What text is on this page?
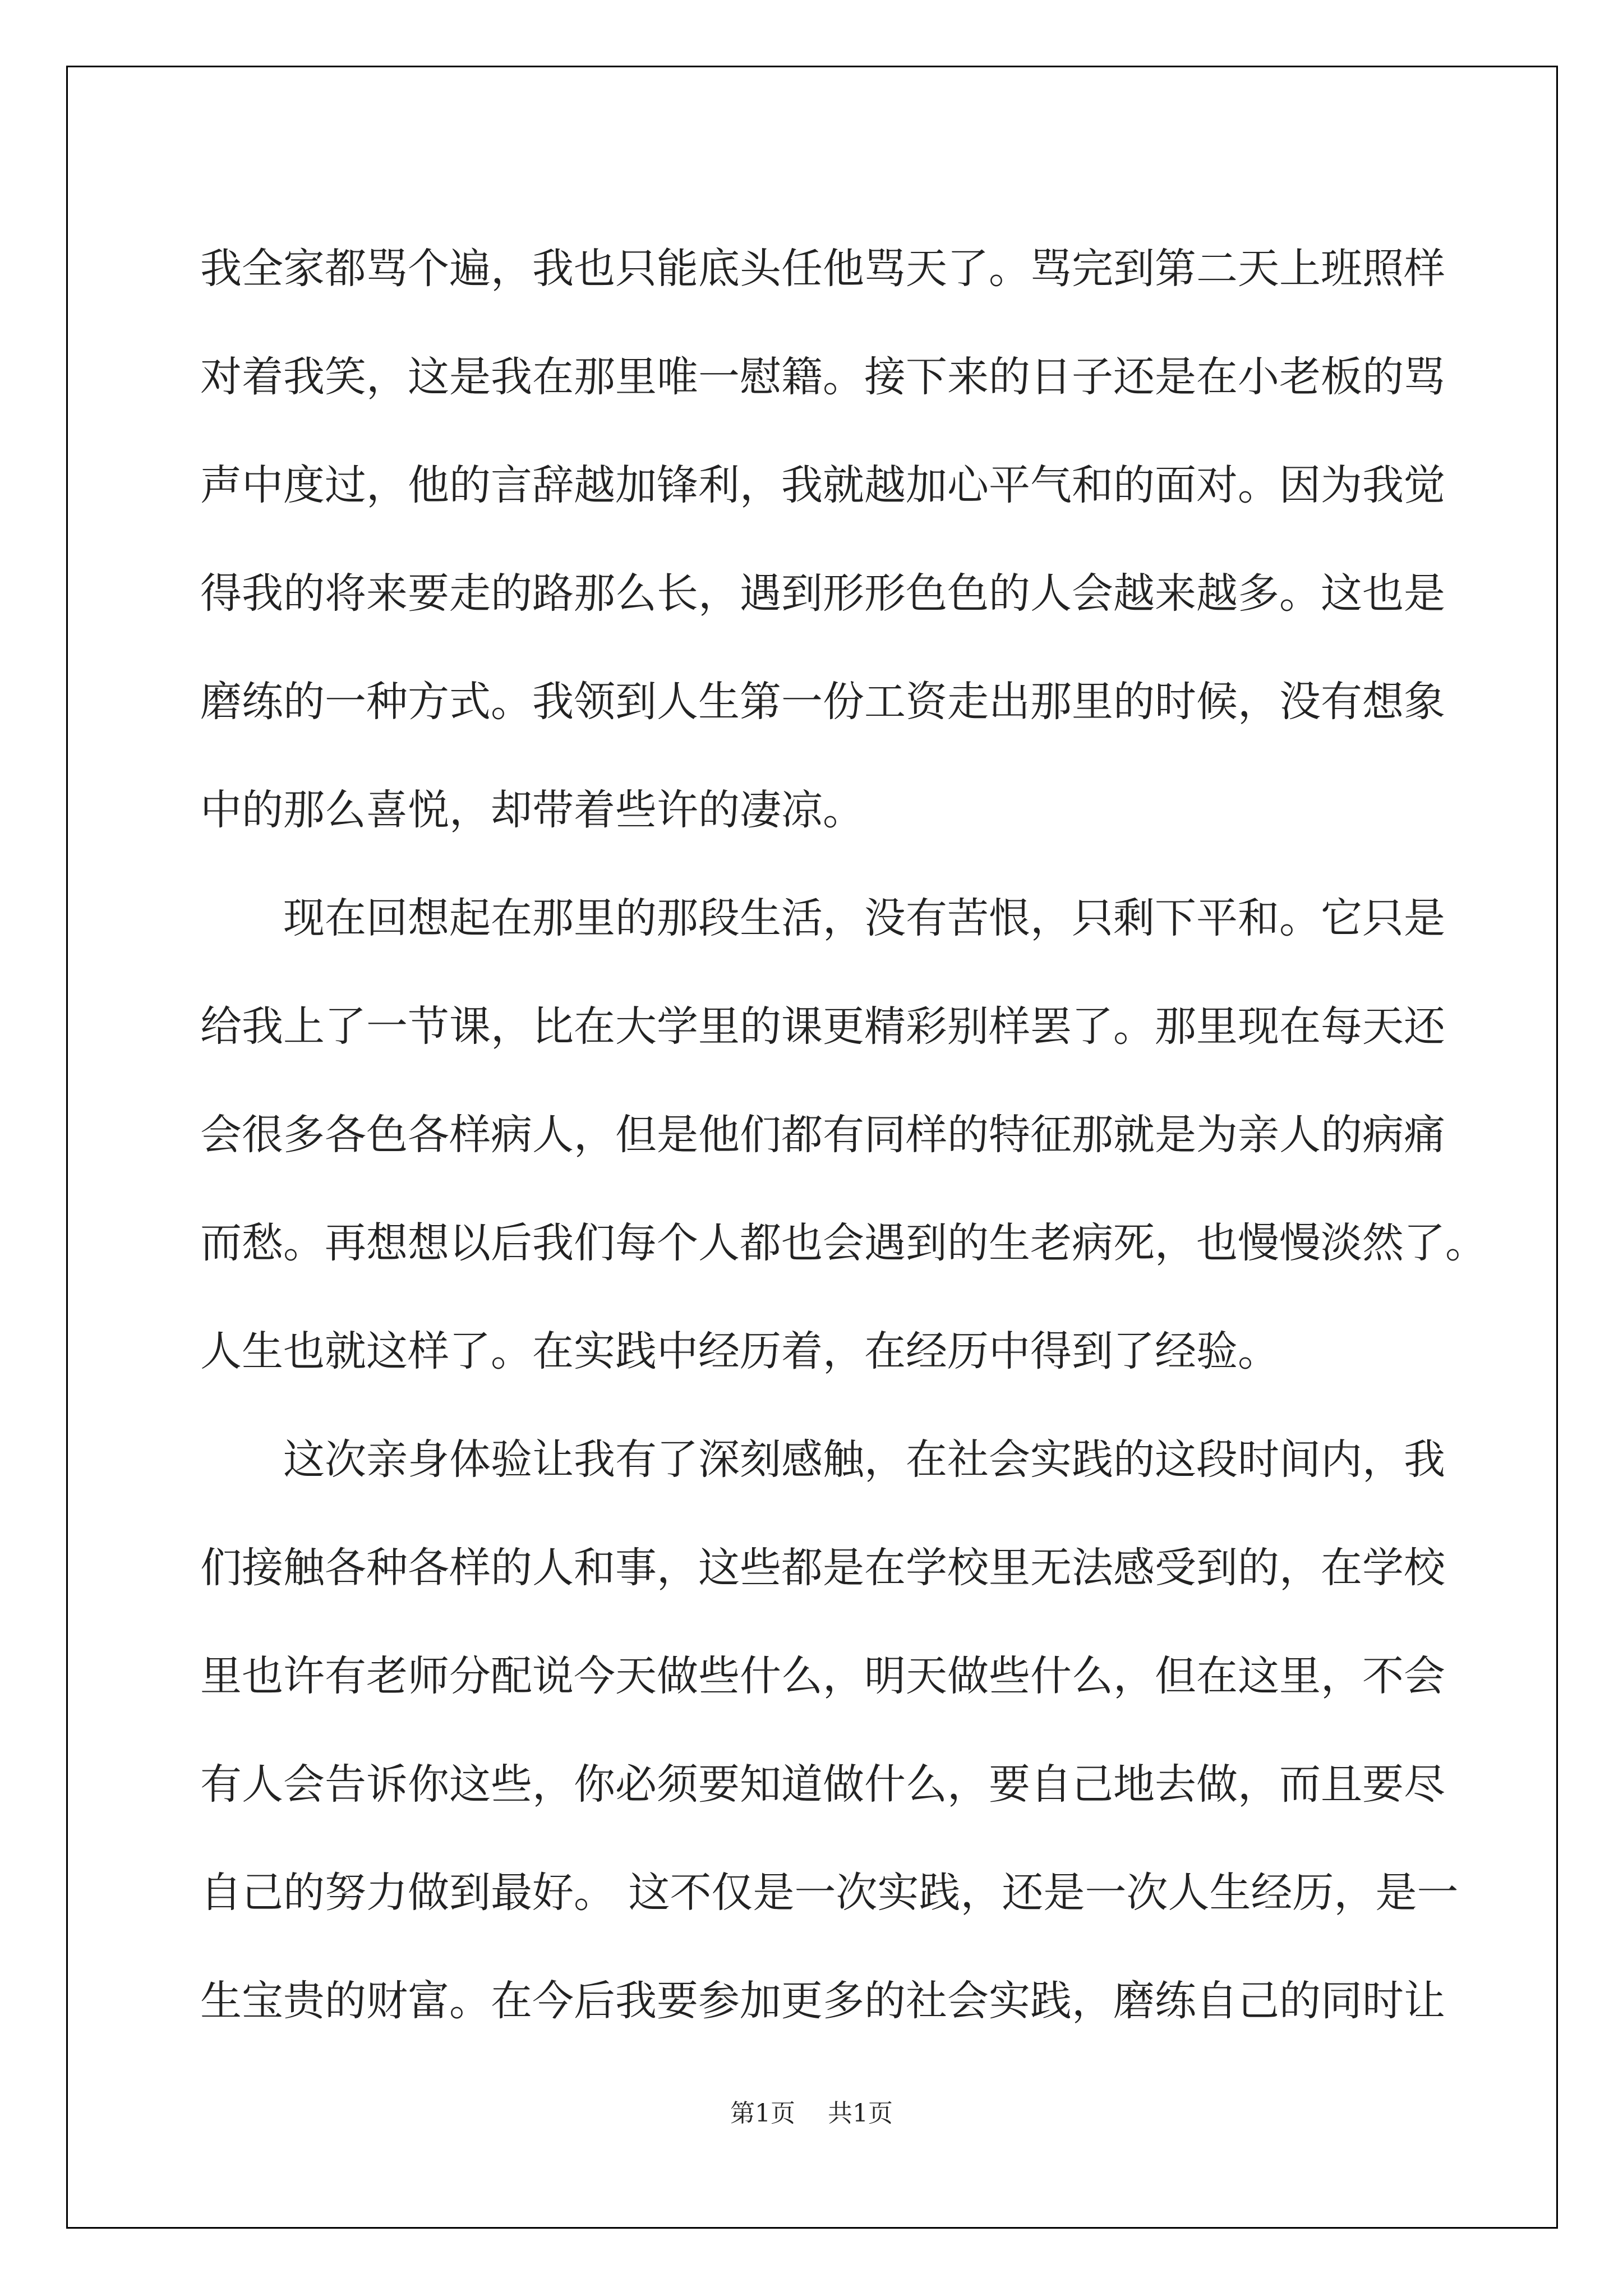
我全家都骂个遍，我也只能底头任他骂天了。骂完到第二天上班照样
对着我笑，这是我在那里唯一慰籍。接下来的日子还是在小老板的骂
声中度过，他的言辞越加锋利，我就越加心平气和的面对。因为我觉
得我的将来要走的路那么长，遇到形形色色的人会越来越多。这也是
磨练的一种方式。我领到人生第一份工资走出那里的时候，没有想象
中的那么喜悦，却带着些许的凄凉。
现在回想起在那里的那段生活，没有苦恨，只剩下平和。它只是
给我上了一节课，比在大学里的课更精彩别样罢了。那里现在每天还
会很多各色各样病人，但是他们都有同样的特征那就是为亲人的病痛
而愁。再想想以后我们每个人都也会遇到的生老病死，也慢慢淡然了。
人生也就这样了。在实践中经历着，在经历中得到了经验。
这次亲身体验让我有了深刻感触，在社会实践的这段时间内，我
们接触各种各样的人和事，这些都是在学校里无法感受到的，在学校
里也许有老师分配说今天做些什么，明天做些什么，但在这里，不会
有人会告诉你这些，你必须要知道做什么，要自己地去做，而且要尽
自己的努力做到最好。 这不仅是一次实践，还是一次人生经历，是一
生宝贵的财富。在今后我要参加更多的社会实践，磨练自己的同时让
第1页 共1页
